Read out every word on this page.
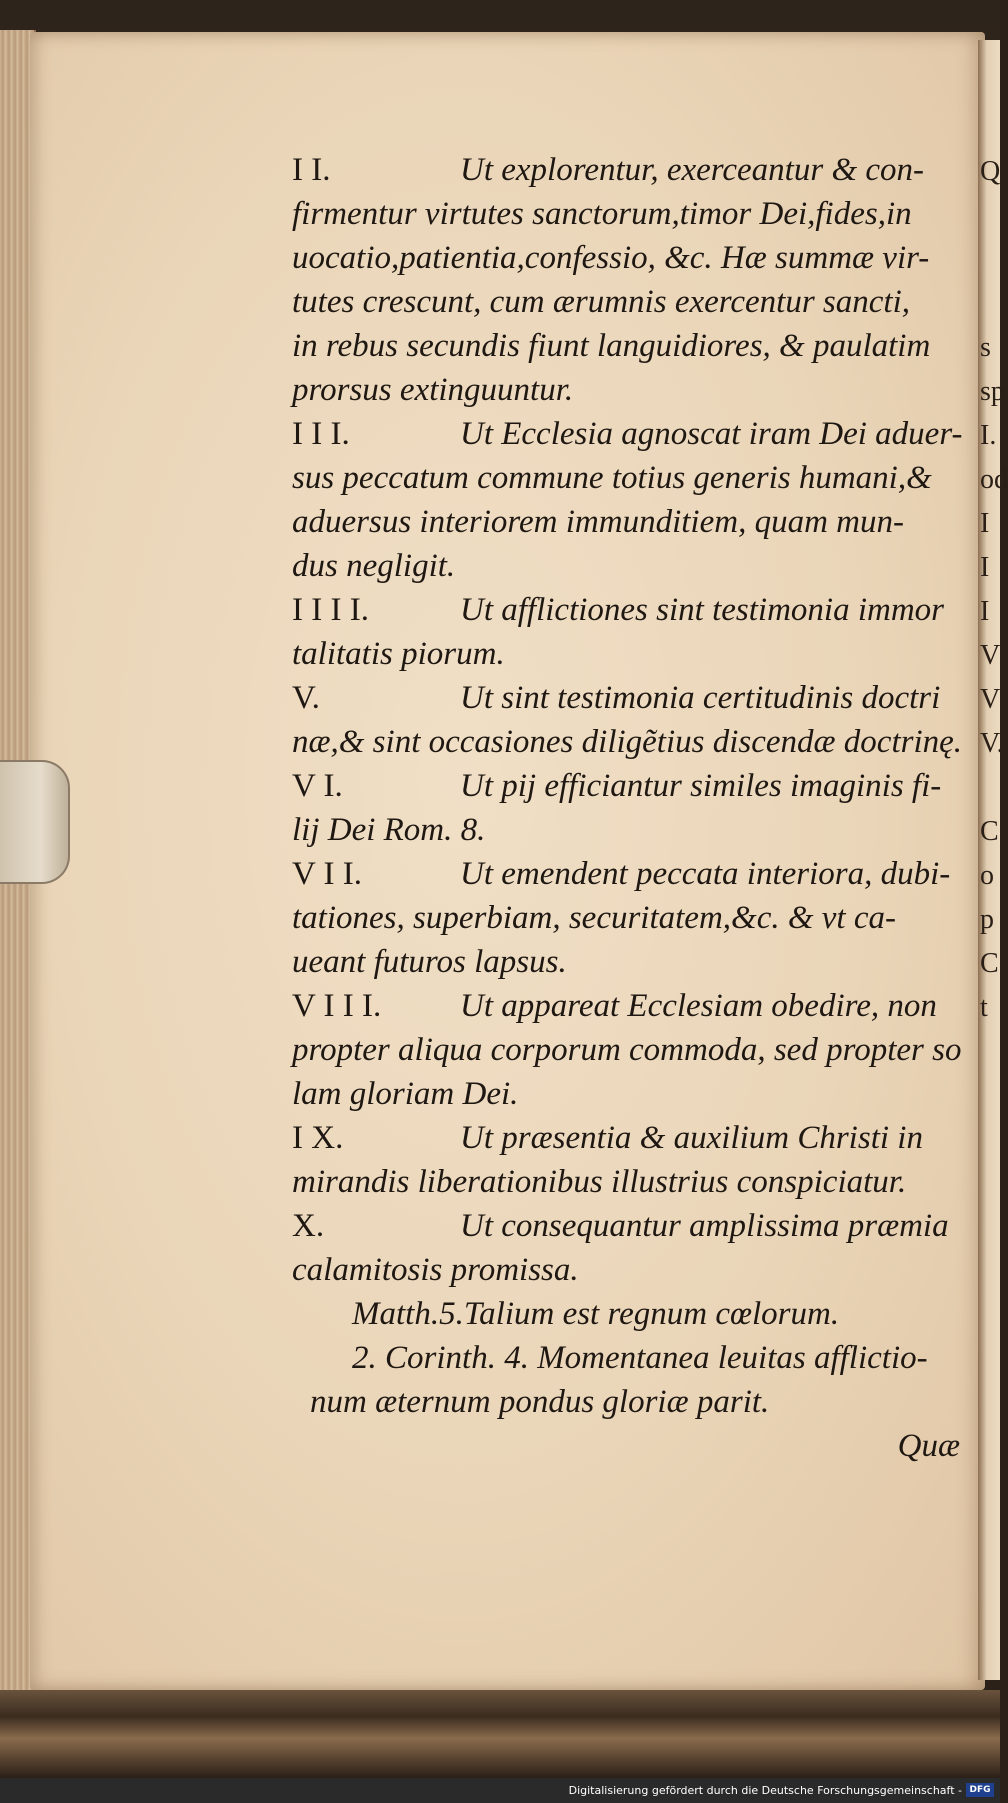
I I.	Ut explorentur, exerceantur & con-
firmentur virtutes sanctorum,timor Dei,fides,in
uocatio,patientia,confessio, &c. Hæ summæ vir-
tutes crescunt, cum ærumnis exercentur sancti,
in rebus secundis fiunt languidiores, & paulatim
prorsus extinguuntur.
I I I.	Ut Ecclesia agnoscat iram Dei aduer-
sus peccatum commune totius generis humani,&
aduersus interiorem immunditiem, quam mun-
dus negligit.
I I I I.	Ut afflictiones sint testimonia immor
talitatis piorum.
V.	Ut sint testimonia certitudinis doctri
næ,& sint occasiones diligẽtius discendæ doctrinę.
V I.	Ut pij efficiantur similes imaginis fi-
lij Dei Rom. 8.
V I I.	Ut emendent peccata interiora, dubi-
tationes, superbiam, securitatem,&c. & vt ca-
ueant futuros lapsus.
V I I I. Ut appareat Ecclesiam obedire, non
propter aliqua corporum commoda, sed propter so
lam gloriam Dei.
I X.	Ut præsentia & auxilium Christi in
mirandis liberationibus illustrius conspiciatur.
X.	Ut consequantur amplissima præmia
calamitosis promissa.
Matth.5.Talium est regnum cœlorum.
2. Corinth. 4. Momentanea leuitas afflictio-
num æternum pondus gloriæ parit.
Quæ
Q
s
sp
I.
od
I
I
I
V
V
V.
C
o
p
C
t
Digitalisierung gefördert durch die Deutsche Forschungsgemeinschaft - DFG
